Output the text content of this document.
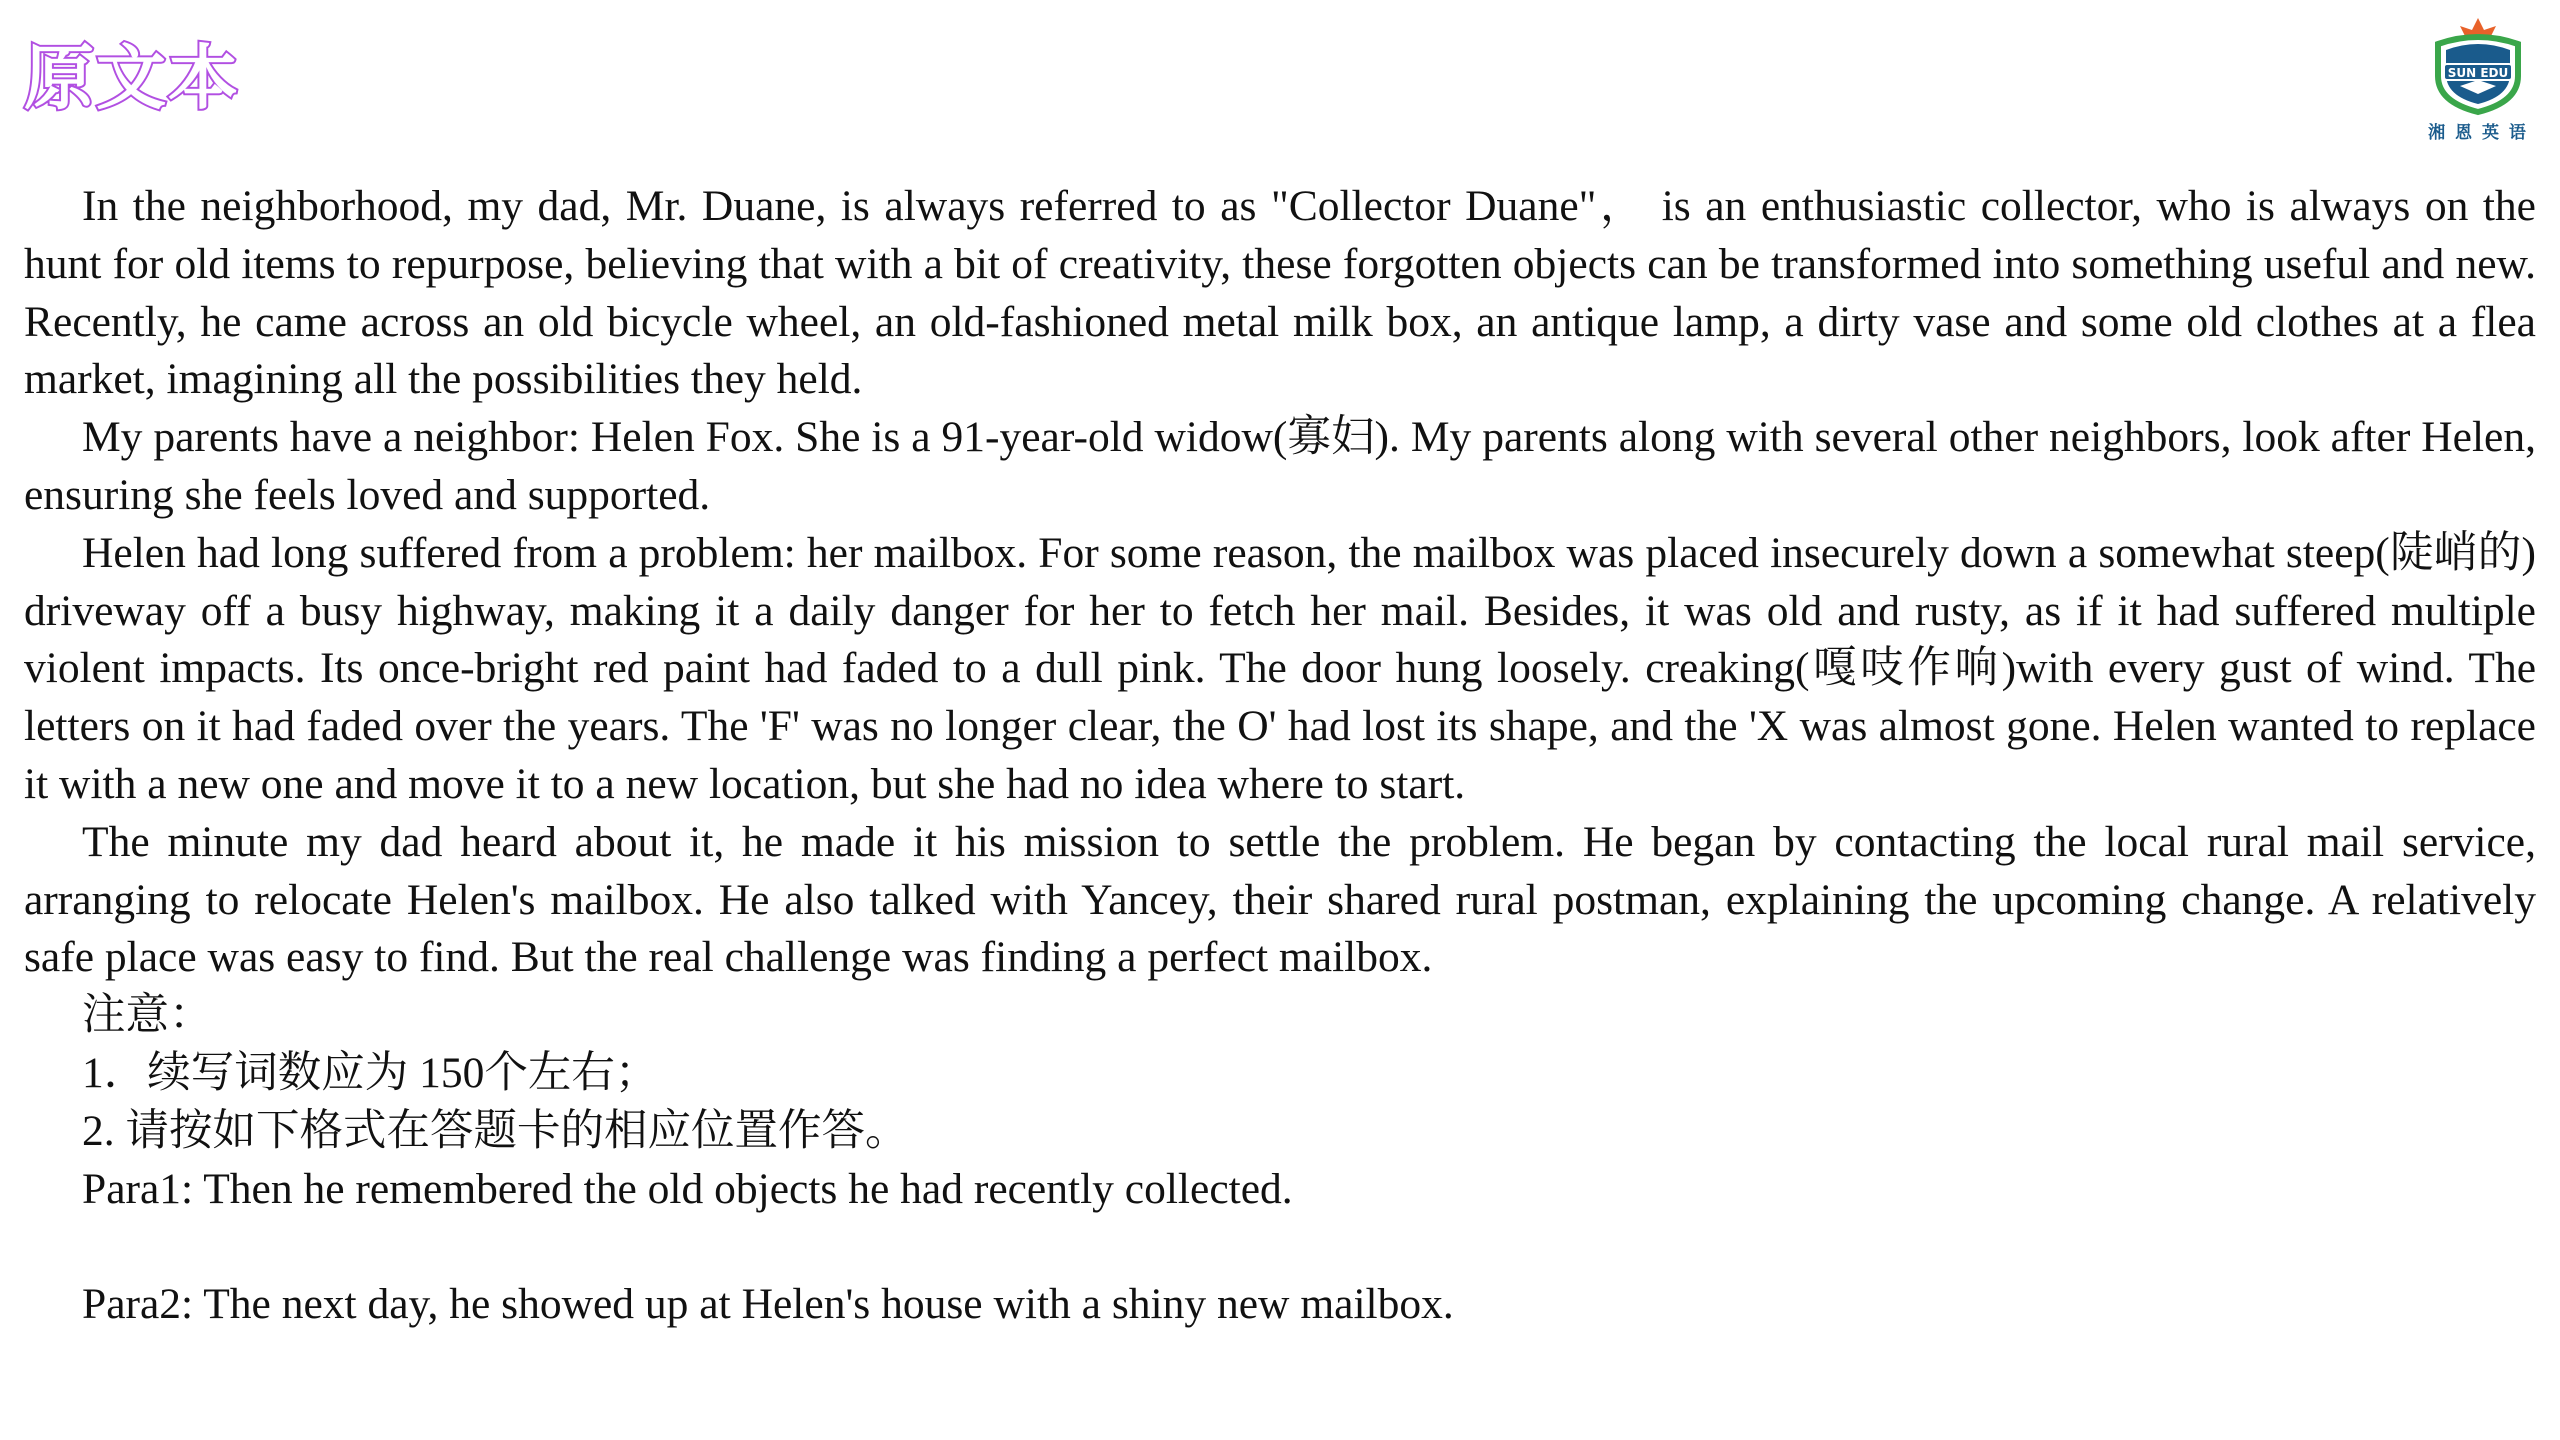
原文本	SUN EDU
湘 恩 英 语

In the neighborhood, my dad, Mr. Duane, is always referred to as "Collector Duane"， is an enthusiastic collector, who is always on the hunt for old items to repurpose, believing that with a bit of creativity, these forgotten objects can be transformed into something useful and new. Recently, he came across an old bicycle wheel, an old-fashioned metal milk box, an antique lamp, a dirty vase and some old clothes at a flea market, imagining all the possibilities they held.

My parents have a neighbor: Helen Fox. She is a 91-year-old widow(寡妇). My parents along with several other neighbors, look after Helen, ensuring she feels loved and supported.

Helen had long suffered from a problem: her mailbox. For some reason, the mailbox was placed insecurely down a somewhat steep(陡峭的) driveway off a busy highway, making it a daily danger for her to fetch her mail. Besides, it was old and rusty, as if it had suffered multiple violent impacts. Its once-bright red paint had faded to a dull pink. The door hung loosely. creaking(嘎吱作响)with every gust of wind. The letters on it had faded over the years. The 'F' was no longer clear, the O' had lost its shape, and the 'X was almost gone. Helen wanted to replace it with a new one and move it to a new location, but she had no idea where to start.

The minute my dad heard about it, he made it his mission to settle the problem. He began by contacting the local rural mail service, arranging to relocate Helen's mailbox. He also talked with Yancey, their shared rural postman, explaining the upcoming change. A relatively safe place was easy to find. But the real challenge was finding a perfect mailbox.

注意：

1．续写词数应为 150个左右；

2. 请按如下格式在答题卡的相应位置作答。

Para1: Then he remembered the old objects he had recently collected.

Para2: The next day, he showed up at Helen's house with a shiny new mailbox.
